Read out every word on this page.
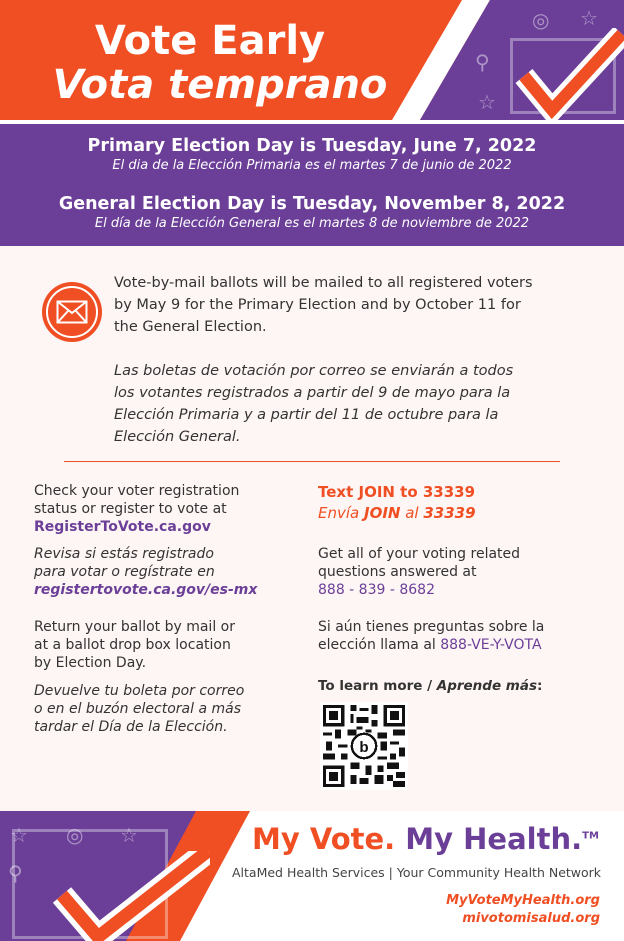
☆
◎
⚲
☆
Vote Early
Vota temprano
Primary Election Day is Tuesday, June 7, 2022
El dia de la Elección Primaria es el martes 7 de junio de 2022
General Election Day is Tuesday, November 8, 2022
El día de la Elección General es el martes 8 de noviembre de 2022
Vote-by-mail ballots will be mailed to all registered voters
by May 9 for the Primary Election and by October 11 for
the General Election.
Las boletas de votación por correo se enviarán a todos
los votantes registrados a partir del 9 de mayo para la
Elección Primaria y a partir del 11 de octubre para la
Elección General.
Check your voter registration
status or register to vote at
RegisterToVote.ca.gov
Revisa si estás registrado
para votar o regístrate en
registertovote.ca.gov/es-mx
Return your ballot by mail or
at a ballot drop box location
by Election Day.
Devuelve tu boleta por correo
o en el buzón electoral a más
tardar el Día de la Elección.
Text JOIN to 33339
Envía JOIN al 33339
Get all of your voting related
questions answered at
888 - 839 - 8682
Si aún tienes preguntas sobre la
elección llama al 888-VE-Y-VOTA
To learn more / Aprende más:
b
☆ ◎ ☆
⚲
My Vote. My Health.™
AltaMed Health Services | Your Community Health Network
MyVoteMyHealth.org
mivotomisalud.org
